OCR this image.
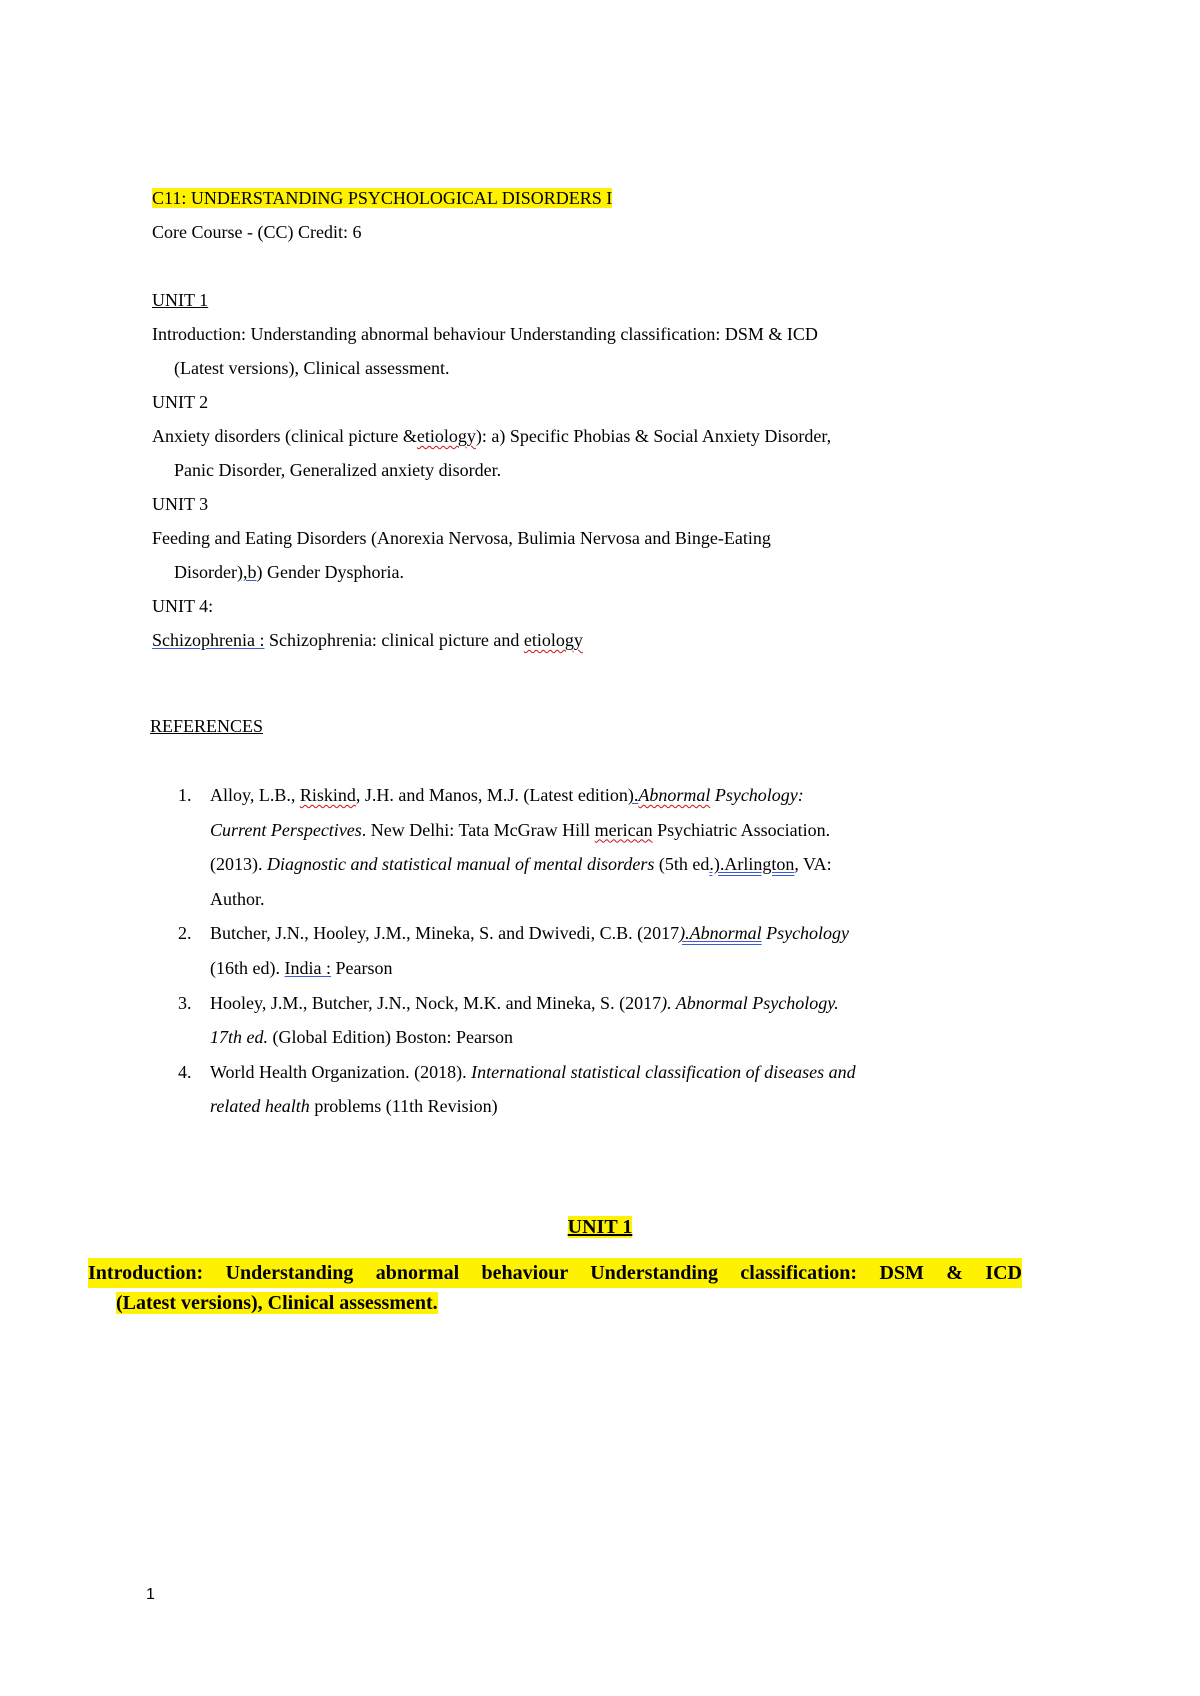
C11: UNDERSTANDING PSYCHOLOGICAL DISORDERS I

Core Course - (CC) Credit: 6

UNIT 1

Introduction: Understanding abnormal behaviour Understanding classification: DSM & ICD

(Latest versions), Clinical assessment.

UNIT 2

Anxiety disorders (clinical picture &etiology): a) Specific Phobias & Social Anxiety Disorder,

Panic Disorder, Generalized anxiety disorder.

UNIT 3

Feeding and Eating Disorders (Anorexia Nervosa, Bulimia Nervosa and Binge-Eating

Disorder),b) Gender Dysphoria.

UNIT 4:

Schizophrenia : Schizophrenia: clinical picture and etiology

REFERENCES

1. Alloy, L.B., Riskind, J.H. and Manos, M.J. (Latest edition).Abnormal Psychology:
Current Perspectives. New Delhi: Tata McGraw Hill merican Psychiatric Association.
(2013). Diagnostic and statistical manual of mental disorders (5th ed.).Arlington, VA:
Author.
2. Butcher, J.N., Hooley, J.M., Mineka, S. and Dwivedi, C.B. (2017).Abnormal Psychology
(16th ed). India : Pearson
3. Hooley, J.M., Butcher, J.N., Nock, M.K. and Mineka, S. (2017). Abnormal Psychology.
17th ed. (Global Edition) Boston: Pearson
4. World Health Organization. (2018). International statistical classification of diseases and
related health problems (11th Revision)
UNIT 1
Introduction: Understanding abnormal behaviour Understanding classification: DSM & ICD
(Latest versions), Clinical assessment.
1
